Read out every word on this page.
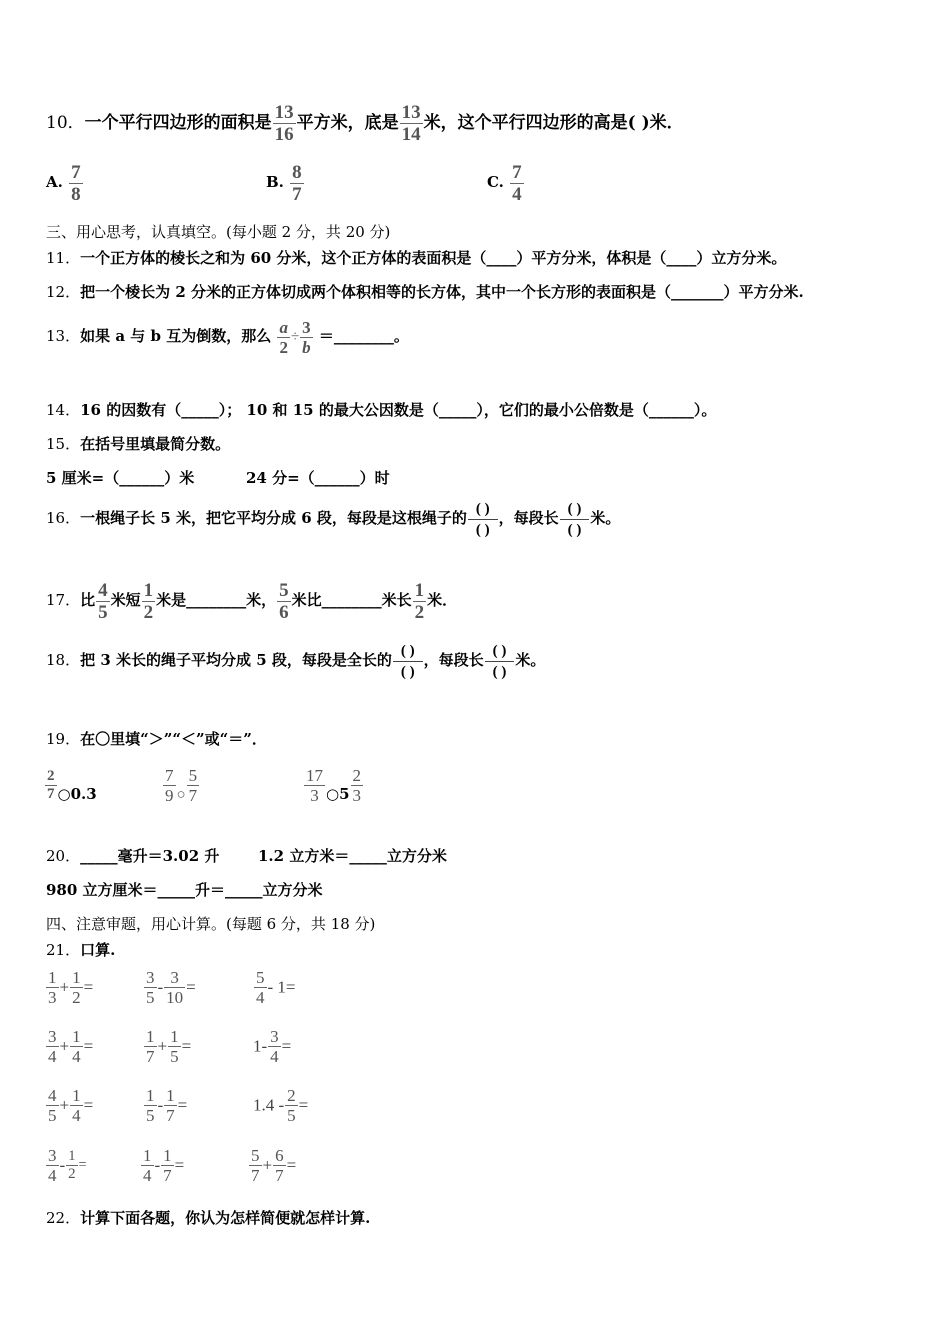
10．一个平行四边形的面积是 $\frac{13}{16}$ 平方米，底是 $\frac{13}{14}$ 米，这个平行四边形的高是( )米．
A. $\frac{7}{8}$	B. $\frac{8}{7}$	C. $\frac{7}{4}$
三、用心思考，认真填空。(每小题 2 分，共 20 分)
11．一个正方体的棱长之和为 60 分米，这个正方体的表面积是（____）平方分米，体积是（____）立方分米。
12．把一个棱长为 2 分米的正方体切成两个体积相等的长方体，其中一个长方形的表面积是（_______）平方分米.
13．如果 a 与 b 互为倒数，那么 $\frac{a}{2} \div \frac{3}{b}$ ＝________。
14．16 的因数有（_____）； 10 和 15 的最大公因数是（_____），它们的最小公倍数是（______）。
15．在括号里填最简分数。
5 厘米=（______）米	24 分=（______）时
16．一根绳子长 5 米，把它平均分成 6 段，每段是这根绳子的
( )
( )
，每段长
( )
( )
米。
17．比 $\frac{4}{5}$ 米短 $\frac{1}{2}$ 米是________米， $\frac{5}{6}$ 米比________米长 $\frac{1}{2}$ 米．
18．把 3 米长的绳子平均分成 5 段，每段是全长的
( )
( )
，每段长
( )
( )
米。
19．在〇里填“＞”“＜”或“＝”．
$\frac{2}{7}$ ○0.3	$\frac{7}{9}$ ○ $\frac{5}{7}$	$\frac{17}{3}$ ○5 $\frac{2}{3}$
20．_____毫升＝3.02 升	1.2 立方米＝_____立方分米
980 立方厘米＝_____升＝_____立方分米
四、注意审题，用心计算。(每题 6 分，共 18 分)
21．口算.
$\frac{1}{3} + \frac{1}{2}$ =	$\frac{3}{5} - \frac{3}{10}$ =	$\frac{5}{4} - 1=$
$\frac{3}{4} + \frac{1}{4}$ =	$\frac{1}{7} + \frac{1}{5}$ =	$1- \frac{3}{4}$ =
$\frac{4}{5} + \frac{1}{4}$ =	$\frac{1}{5} - \frac{1}{7}$ =	$1.4 - \frac{2}{5}$ =
$\frac{3}{4} - \frac{1}{2}$ =	$\frac{1}{4} - \frac{1}{7}$ =	$\frac{5}{7} + \frac{6}{7}$ =
22．计算下面各题，你认为怎样简便就怎样计算.
